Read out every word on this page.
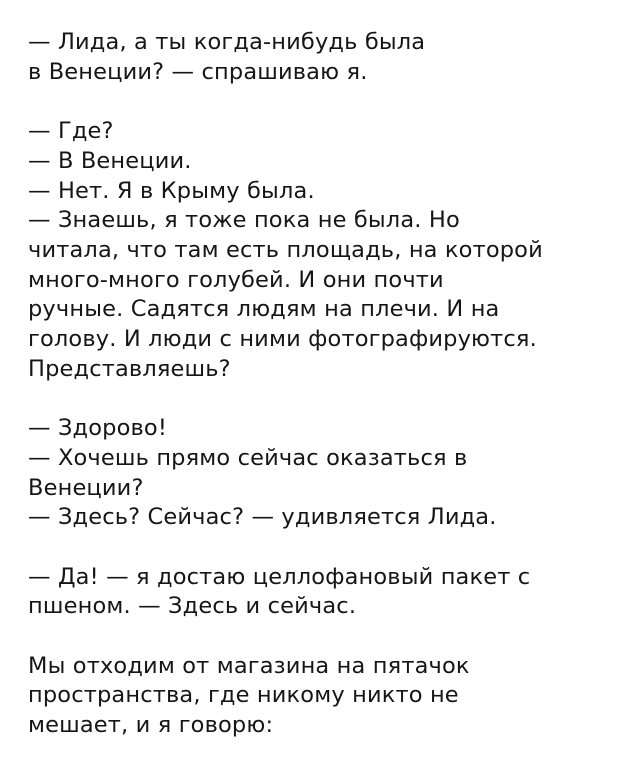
— Лида, а ты когда-нибудь была
в Венеции? — спрашиваю я.

— Где?
— В Венеции.
— Нет. Я в Крыму была.
— Знаешь, я тоже пока не была. Но
читала, что там есть площадь, на которой
много-много голубей. И они почти
ручные. Садятся людям на плечи. И на
голову. И люди с ними фотографируются.
Представляешь?

— Здорово!
— Хочешь прямо сейчас оказаться в
Венеции?
— Здесь? Сейчас? — удивляется Лида.

— Да! — я достаю целлофановый пакет с
пшеном. — Здесь и сейчас.

Мы отходим от магазина на пятачок
пространства, где никому никто не
мешает, и я говорю:
